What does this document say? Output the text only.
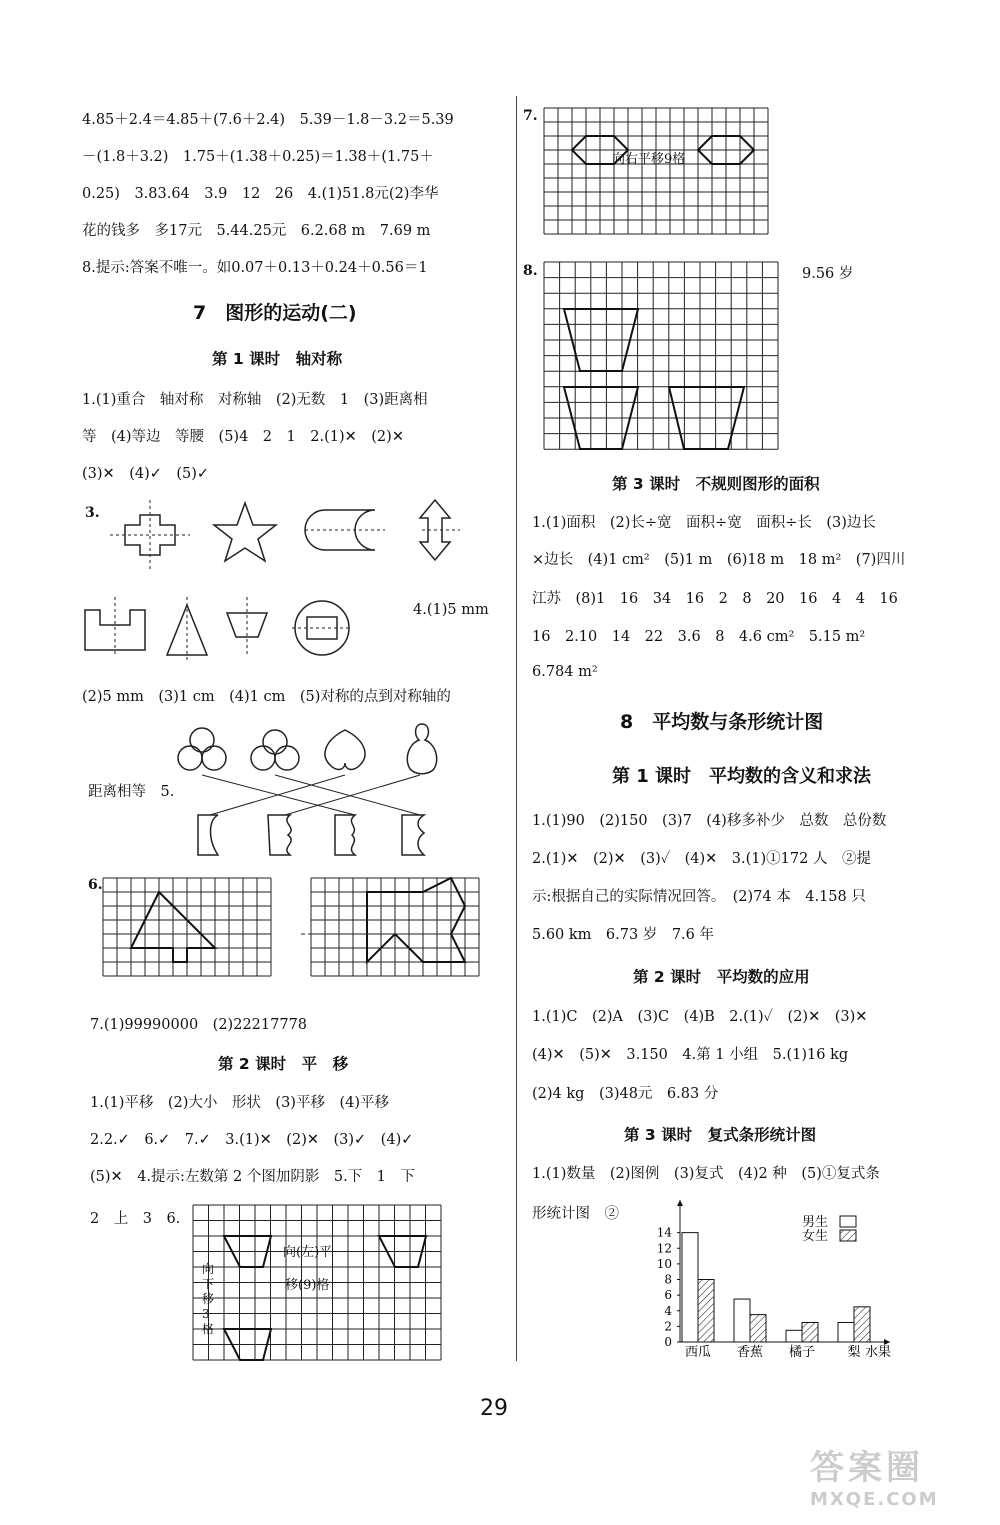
4.85＋2.4＝4.85＋(7.6＋2.4)　5.39－1.8－3.2＝5.39
－(1.8＋3.2)　1.75＋(1.38＋0.25)＝1.38＋(1.75＋
0.25)　3.83.64　3.9　12　26　4.(1)51.8元(2)李华
花的钱多　多17元　5.44.25元　6.2.68 m　7.69 m
8.提示:答案不唯一。如0.07＋0.13＋0.24＋0.56＝1
7　图形的运动(二)
第 1 课时　轴对称
1.(1)重合　轴对称　对称轴　(2)无数　1　(3)距离相
等　(4)等边　等腰　(5)4　2　1　2.(1)✕　(2)✕
(3)✕　(4)✓　(5)✓
3.
4.(1)5 mm
(2)5 mm　(3)1 cm　(4)1 cm　(5)对称的点到对称轴的
距离相等　5.
6.
7.(1)99990000　(2)22217778
第 2 课时　平　移
1.(1)平移　(2)大小　形状　(3)平移　(4)平移
2.2.✓　6.✓　7.✓　3.(1)✕　(2)✕　(3)✓　(4)✓
(5)✕　4.提示:左数第 2 个图加阴影　5.下　1　下
2　上　3　6.
向(左)平
移(9)格
向下移3格
7.
向右平移9格
8.	9.56 岁
第 3 课时　不规则图形的面积
1.(1)面积　(2)长÷宽　面积÷宽　面积÷长　(3)边长
×边长　(4)1 cm²　(5)1 m　(6)18 m　18 m²　(7)四川
江苏　(8)1　16　34　16　2　8　20　16　4　4　16
16　2.10　14　22　3.6　8　4.6 cm²　5.15 m²
6.784 m²
8　平均数与条形统计图
第 1 课时　平均数的含义和求法
1.(1)90　(2)150　(3)7　(4)移多补少　总数　总份数
2.(1)✕　(2)✕　(3)✓　(4)✕　3.(1)①172 人　②提
示:根据自己的实际情况回答。　(2)74 本　4.158 只
5.60 km　6.73 岁　7.6 年
第 2 课时　平均数的应用
1.(1)C　(2)A　(3)C　(4)B　2.(1)✓　(2)✕　(3)✕
(4)✕　(5)✕　3.150　4.第 1 小组　5.(1)16 kg
(2)4 kg　(3)48元　6.83 分
第 3 课时　复式条形统计图
1.(1)数量　(2)图例　(3)复式　(4)2 种　(5)①复式条
形统计图　②
0
2
4
6
8
10
12
14
西瓜 香蕉 橘子 梨 水果
男生
女生
29
答案圈
MXQE.COM
